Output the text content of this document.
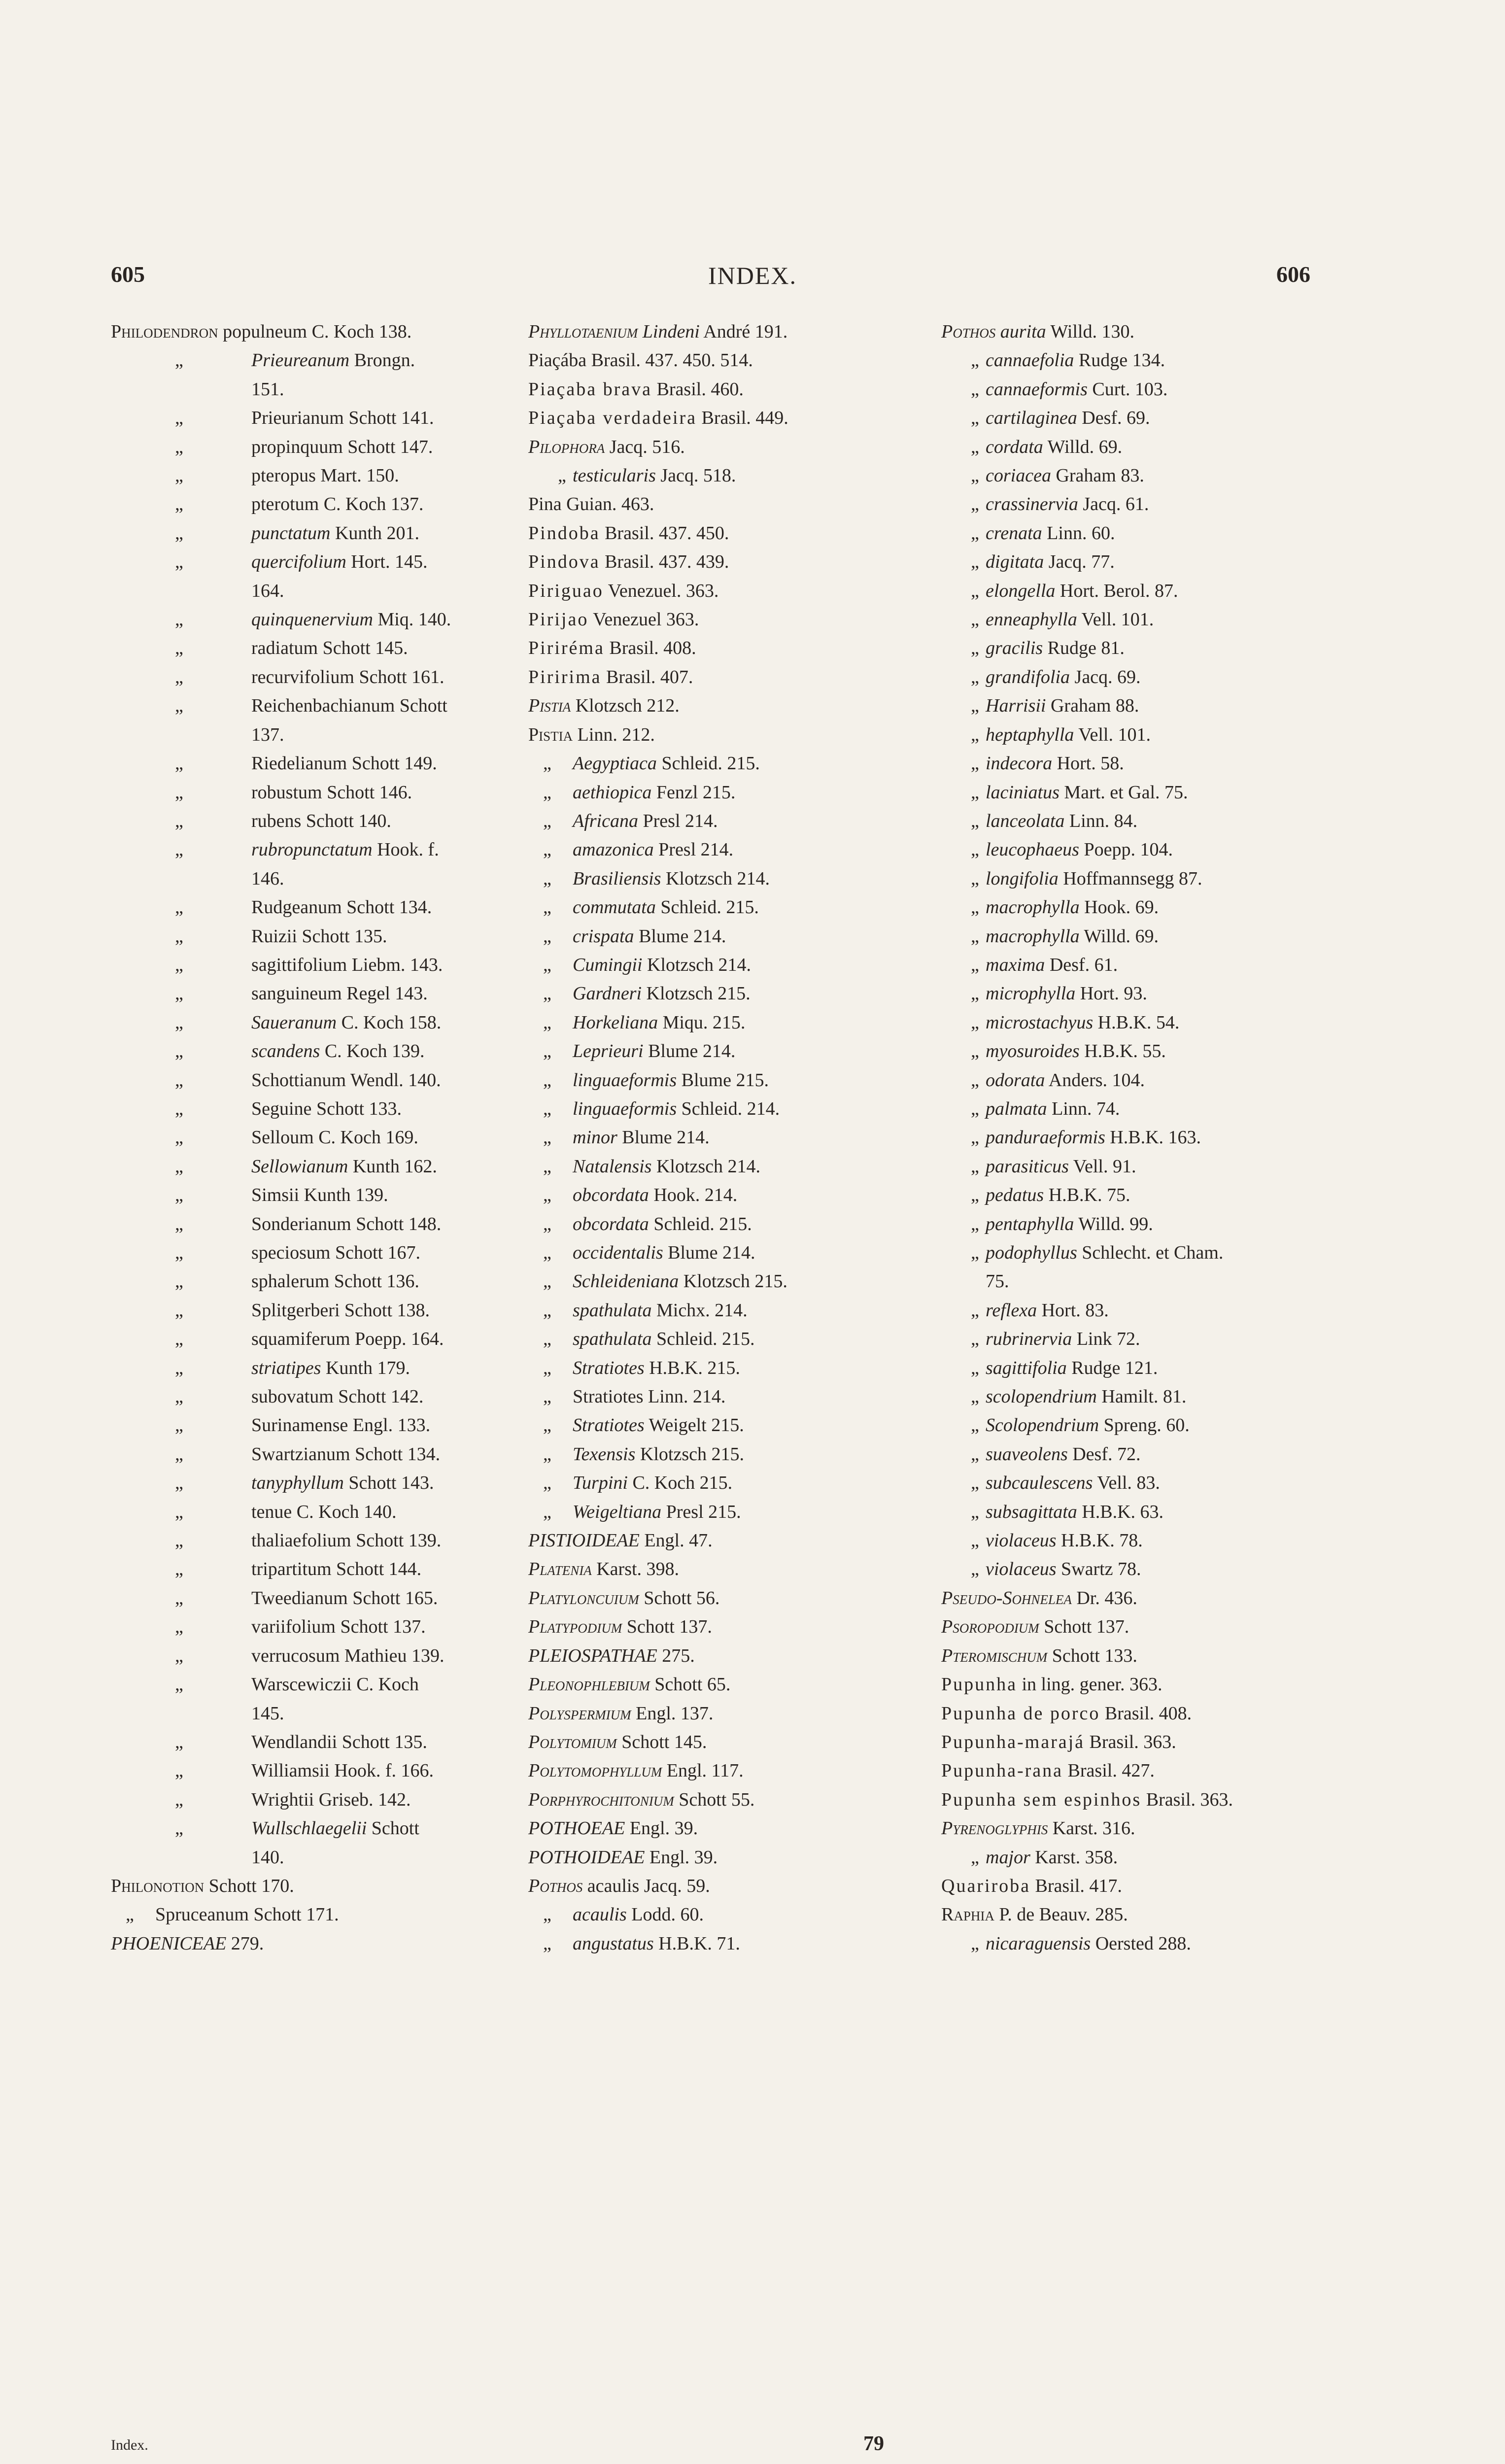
605	INDEX.	606
Philodendron populneum C. Koch 138.
„	Prieureanum Brongn.
151.
„	Prieurianum Schott 141.
„	propinquum Schott 147.
„	pteropus Mart. 150.
„	pterotum C. Koch 137.
„	punctatum Kunth 201.
„	quercifolium Hort. 145.
164.
„	quinquenervium Miq. 140.
„	radiatum Schott 145.
„	recurvifolium Schott 161.
„	Reichenbachianum Schott
137.
„	Riedelianum Schott 149.
„	robustum Schott 146.
„	rubens Schott 140.
„	rubropunctatum Hook. f.
146.
„	Rudgeanum Schott 134.
„	Ruizii Schott 135.
„	sagittifolium Liebm. 143.
„	sanguineum Regel 143.
„	Saueranum C. Koch 158.
„	scandens C. Koch 139.
„	Schottianum Wendl. 140.
„	Seguine Schott 133.
„	Selloum C. Koch 169.
„	Sellowianum Kunth 162.
„	Simsii Kunth 139.
„	Sonderianum Schott 148.
„	speciosum Schott 167.
„	sphalerum Schott 136.
„	Splitgerberi Schott 138.
„	squamiferum Poepp. 164.
„	striatipes Kunth 179.
„	subovatum Schott 142.
„	Surinamense Engl. 133.
„	Swartzianum Schott 134.
„	tanyphyllum Schott 143.
„	tenue C. Koch 140.
„	thaliaefolium Schott 139.
„	tripartitum Schott 144.
„	Tweedianum Schott 165.
„	variifolium Schott 137.
„	verrucosum Mathieu 139.
„	Warscewiczii C. Koch
145.
„	Wendlandii Schott 135.
„	Williamsii Hook. f. 166.
„	Wrightii Griseb. 142.
„	Wullschlaegelii Schott
140.
Philonotion Schott 170.
„ Spruceanum Schott 171.
PHOENICEAE 279.
Phyllotaenium Lindeni André 191.
Piaçába Brasil. 437. 450. 514.
Piaçaba brava Brasil. 460.
Piaçaba verdadeira Brasil. 449.
Pilophora Jacq. 516.
„ testicularis Jacq. 518.
Pina Guian. 463.
Pindoba Brasil. 437. 450.
Pindova Brasil. 437. 439.
Piriguao Venezuel. 363.
Pirijao Venezuel 363.
Piriréma Brasil. 408.
Piririma Brasil. 407.
Pistia Klotzsch 212.
Pistia Linn. 212.
„ Aegyptiaca Schleid. 215.
„ aethiopica Fenzl 215.
„ Africana Presl 214.
„ amazonica Presl 214.
„ Brasiliensis Klotzsch 214.
„ commutata Schleid. 215.
„ crispata Blume 214.
„ Cumingii Klotzsch 214.
„ Gardneri Klotzsch 215.
„ Horkeliana Miqu. 215.
„ Leprieuri Blume 214.
„ linguaeformis Blume 215.
„ linguaeformis Schleid. 214.
„ minor Blume 214.
„ Natalensis Klotzsch 214.
„ obcordata Hook. 214.
„ obcordata Schleid. 215.
„ occidentalis Blume 214.
„ Schleideniana Klotzsch 215.
„ spathulata Michx. 214.
„ spathulata Schleid. 215.
„ Stratiotes H.B.K. 215.
„ Stratiotes Linn. 214.
„ Stratiotes Weigelt 215.
„ Texensis Klotzsch 215.
„ Turpini C. Koch 215.
„ Weigeltiana Presl 215.
PISTIOIDEAE Engl. 47.
Platenia Karst. 398.
Platyloncuium Schott 56.
Platypodium Schott 137.
PLEIOSPATHAE 275.
Pleonophlebium Schott 65.
Polyspermium Engl. 137.
Polytomium Schott 145.
Polytomophyllum Engl. 117.
Porphyrochitonium Schott 55.
POTHOEAE Engl. 39.
POTHOIDEAE Engl. 39.
Pothos acaulis Jacq. 59.
„ acaulis Lodd. 60.
„ angustatus H.B.K. 71.
Pothos aurita Willd. 130.
„ cannaefolia Rudge 134.
„ cannaeformis Curt. 103.
„ cartilaginea Desf. 69.
„ cordata Willd. 69.
„ coriacea Graham 83.
„ crassinervia Jacq. 61.
„ crenata Linn. 60.
„ digitata Jacq. 77.
„ elongella Hort. Berol. 87.
„ enneaphylla Vell. 101.
„ gracilis Rudge 81.
„ grandifolia Jacq. 69.
„ Harrisii Graham 88.
„ heptaphylla Vell. 101.
„ indecora Hort. 58.
„ laciniatus Mart. et Gal. 75.
„ lanceolata Linn. 84.
„ leucophaeus Poepp. 104.
„ longifolia Hoffmannsegg 87.
„ macrophylla Hook. 69.
„ macrophylla Willd. 69.
„ maxima Desf. 61.
„ microphylla Hort. 93.
„ microstachyus H.B.K. 54.
„ myosuroides H.B.K. 55.
„ odorata Anders. 104.
„ palmata Linn. 74.
„ panduraeformis H.B.K. 163.
„ parasiticus Vell. 91.
„ pedatus H.B.K. 75.
„ pentaphylla Willd. 99.
„ podophyllus Schlecht. et Cham.
75.
„ reflexa Hort. 83.
„ rubrinervia Link 72.
„ sagittifolia Rudge 121.
„ scolopendrium Hamilt. 81.
„ Scolopendrium Spreng. 60.
„ suaveolens Desf. 72.
„ subcaulescens Vell. 83.
„ subsagittata H.B.K. 63.
„ violaceus H.B.K. 78.
„ violaceus Swartz 78.
Pseudo-Sohnelea Dr. 436.
Psoropodium Schott 137.
Pteromischum Schott 133.
Pupunha in ling. gener. 363.
Pupunha de porco Brasil. 408.
Pupunha-marajá Brasil. 363.
Pupunha-rana Brasil. 427.
Pupunha sem espinhos Brasil. 363.
Pyrenoglyphis Karst. 316.
„ major Karst. 358.
Quariroba Brasil. 417.
Raphia P. de Beauv. 285.
„ nicaraguensis Oersted 288.
Index.	79
